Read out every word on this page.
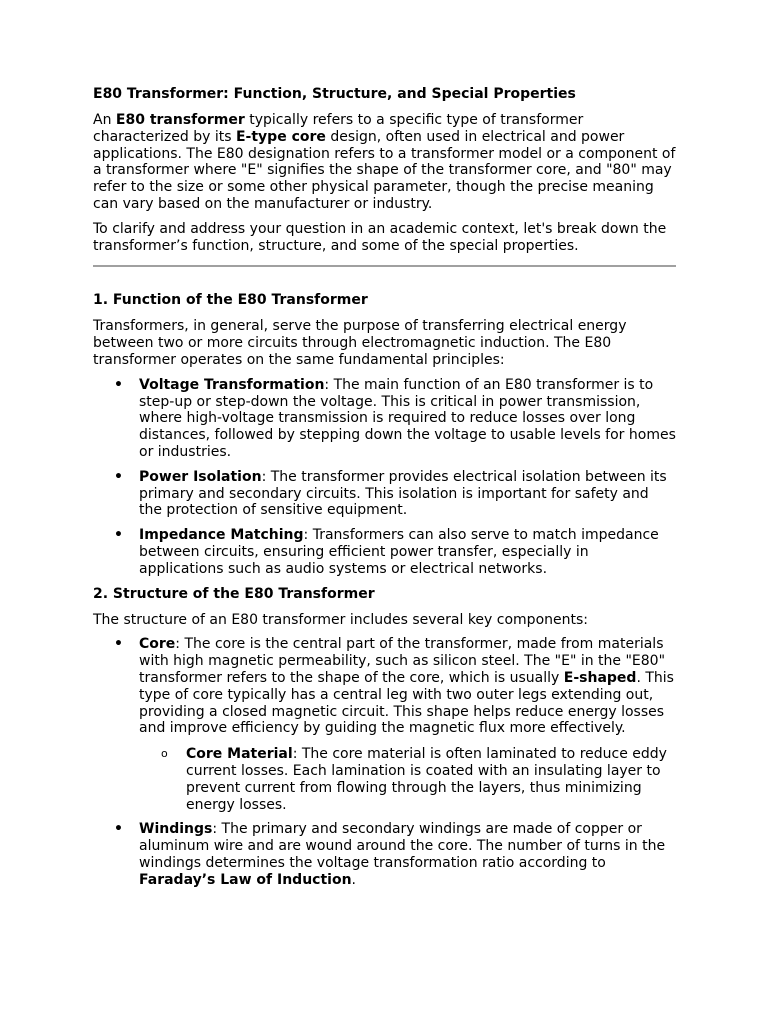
E80 Transformer: Function, Structure, and Special Properties

An E80 transformer typically refers to a specific type of transformer characterized by its E-type core design, often used in electrical and power applications. The E80 designation refers to a transformer model or a component of a transformer where "E" signifies the shape of the transformer core, and "80" may refer to the size or some other physical parameter, though the precise meaning can vary based on the manufacturer or industry.

To clarify and address your question in an academic context, let's break down the transformer’s function, structure, and some of the special properties.

1. Function of the E80 Transformer

Transformers, in general, serve the purpose of transferring electrical energy between two or more circuits through electromagnetic induction. The E80 transformer operates on the same fundamental principles:

• Voltage Transformation: The main function of an E80 transformer is to step-up or step-down the voltage. This is critical in power transmission, where high-voltage transmission is required to reduce losses over long distances, followed by stepping down the voltage to usable levels for homes or industries.
• Power Isolation: The transformer provides electrical isolation between its primary and secondary circuits. This isolation is important for safety and the protection of sensitive equipment.
• Impedance Matching: Transformers can also serve to match impedance between circuits, ensuring efficient power transfer, especially in applications such as audio systems or electrical networks.
2. Structure of the E80 Transformer

The structure of an E80 transformer includes several key components:

• Core: The core is the central part of the transformer, made from materials with high magnetic permeability, such as silicon steel. The "E" in the "E80" transformer refers to the shape of the core, which is usually E-shaped. This type of core typically has a central leg with two outer legs extending out, providing a closed magnetic circuit. This shape helps reduce energy losses and improve efficiency by guiding the magnetic flux more effectively.
o Core Material: The core material is often laminated to reduce eddy current losses. Each lamination is coated with an insulating layer to prevent current from flowing through the layers, thus minimizing energy losses.
• Windings: The primary and secondary windings are made of copper or aluminum wire and are wound around the core. The number of turns in the windings determines the voltage transformation ratio according to Faraday’s Law of Induction.
